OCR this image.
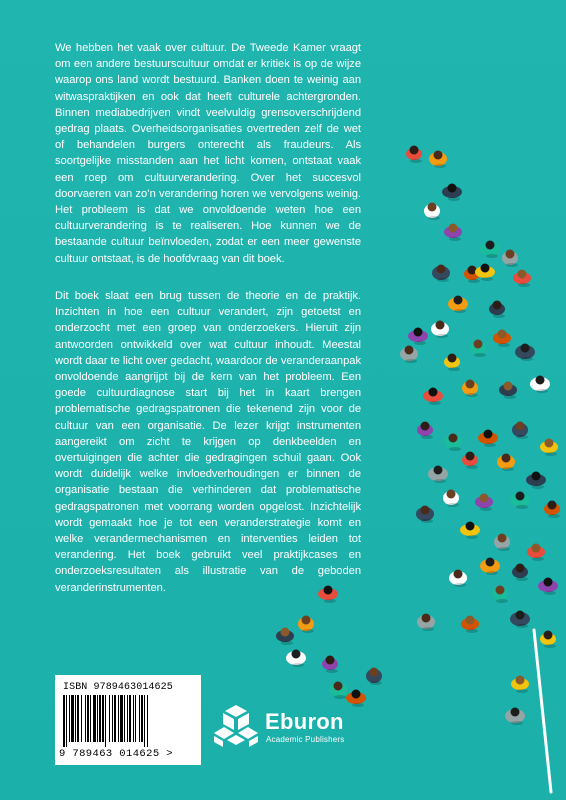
We hebben het vaak over cultuur. De Tweede Kamer vraagt om een andere bestuurscultuur omdat er kritiek is op de wijze waarop ons land wordt bestuurd. Banken doen te weinig aan witwaspraktijken en ook dat heeft culturele achtergronden. Binnen mediabedrijven vindt veelvuldig grensoverschrijdend gedrag plaats. Overheidsorganisaties overtreden zelf de wet of behandelen burgers onterecht als fraudeurs. Als soortgelijke misstanden aan het licht komen, ontstaat vaak een roep om cultuurverandering. Over het succesvol doorvaeren van zo’n verandering horen we vervolgens weinig. Het probleem is dat we onvoldoende weten hoe een cultuurverandering is te realiseren. Hoe kunnen we de bestaande cultuur beïnvloeden, zodat er een meer gewenste cultuur ontstaat, is de hoofdvraag van dit boek.
Dit boek slaat een brug tussen de theorie en de praktijk. Inzichten in hoe een cultuur verandert, zijn getoetst en onderzocht met een groep van onderzoekers. Hieruit zijn antwoorden ontwikkeld over wat cultuur inhoudt. Meestal wordt daar te licht over gedacht, waardoor de veranderaanpak onvoldoende aangrijpt bij de kern van het probleem. Een goede cultuurdiagnose start bij het in kaart brengen problematische gedragspatronen die tekenend zijn voor de cultuur van een organisatie. De lezer krijgt instrumenten aangereikt om zicht te krijgen op denkbeelden en overtuigingen die achter die gedragingen schuil gaan. Ook wordt duidelijk welke invloedverhoudingen er binnen de organisatie bestaan die verhinderen dat problematische gedragspatronen met voorrang worden opgelost. Inzichtelijk wordt gemaakt hoe je tot een veranderstrategie komt en welke verandermechanismen en interventies leiden tot verandering. Het boek gebruikt veel praktijkcases en onderzoeksresultaten als illustratie van de geboden veranderinstrumenten.
ISBN 9789463014625
9 789463 014625 >
Eburon
Academic Publishers
